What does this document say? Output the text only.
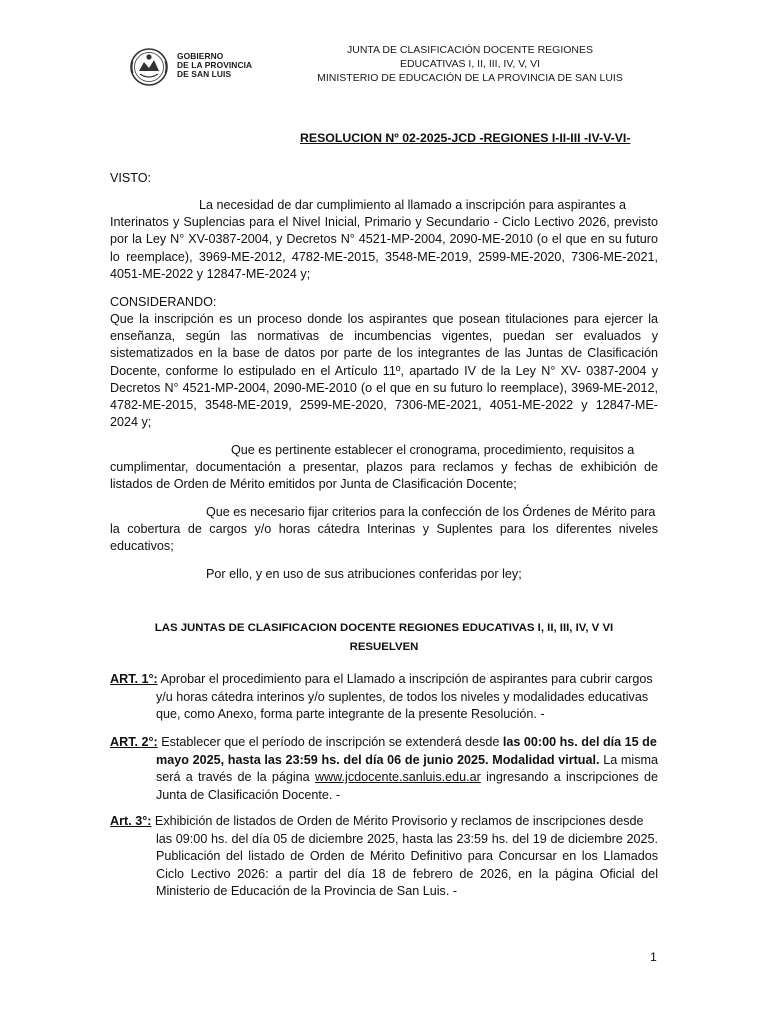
GOBIERNO
DE LA PROVINCIA
DE SAN LUIS
JUNTA DE CLASIFICACIÓN DOCENTE REGIONES
EDUCATIVAS I, II, III, IV, V, VI
MINISTERIO DE EDUCACIÓN DE LA PROVINCIA DE SAN LUIS
RESOLUCION Nº 02-2025-JCD -REGIONES I-II-III -IV-V-VI-
VISTO:
La necesidad de dar cumplimiento al llamado a inscripción para aspirantes a
Interinatos y Suplencias para el Nivel Inicial, Primario y Secundario - Ciclo Lectivo 2026, previsto por la Ley N° XV-0387-2004, y Decretos N° 4521-MP-2004, 2090-ME-2010 (o el que en su futuro lo reemplace), 3969-ME-2012, 4782-ME-2015, 3548-ME-2019, 2599-ME-2020, 7306-ME-2021, 4051-ME-2022 y 12847-ME-2024 y;
CONSIDERANDO:
Que la inscripción es un proceso donde los aspirantes que posean titulaciones para ejercer la enseñanza, según las normativas de incumbencias vigentes, puedan ser evaluados y sistematizados en la base de datos por parte de los integrantes de las Juntas de Clasificación Docente, conforme lo estipulado en el Artículo 11º, apartado IV de la Ley N° XV- 0387-2004 y Decretos N° 4521-MP-2004, 2090-ME-2010 (o el que en su futuro lo reemplace), 3969-ME-2012, 4782-ME-2015, 3548-ME-2019, 2599-ME-2020, 7306-ME-2021, 4051-ME-2022 y 12847-ME-2024 y;
Que es pertinente establecer el cronograma, procedimiento, requisitos a
cumplimentar, documentación a presentar, plazos para reclamos y fechas de exhibición de listados de Orden de Mérito emitidos por Junta de Clasificación Docente;
Que es necesario fijar criterios para la confección de los Órdenes de Mérito para
la cobertura de cargos y/o horas cátedra Interinas y Suplentes para los diferentes niveles educativos;
Por ello, y en uso de sus atribuciones conferidas por ley;
LAS JUNTAS DE CLASIFICACION DOCENTE REGIONES EDUCATIVAS I, II, III, IV, V VI
RESUELVEN
ART. 1°: Aprobar el procedimiento para el Llamado a inscripción de aspirantes para cubrir cargos
y/u horas cátedra interinos y/o suplentes, de todos los niveles y modalidades educativas que, como Anexo, forma parte integrante de la presente Resolución. -
ART. 2°: Establecer que el período de inscripción se extenderá desde las 00:00 hs. del día 15 de
mayo 2025, hasta las 23:59 hs. del día 06 de junio 2025. Modalidad virtual. La misma será a través de la página www.jcdocente.sanluis.edu.ar ingresando a inscripciones de Junta de Clasificación Docente. -
Art. 3°: Exhibición de listados de Orden de Mérito Provisorio y reclamos de inscripciones desde
las 09:00 hs. del día 05 de diciembre 2025, hasta las 23:59 hs. del 19 de diciembre 2025. Publicación del listado de Orden de Mérito Definitivo para Concursar en los Llamados Ciclo Lectivo 2026: a partir del día 18 de febrero de 2026, en la página Oficial del Ministerio de Educación de la Provincia de San Luis. -
1
